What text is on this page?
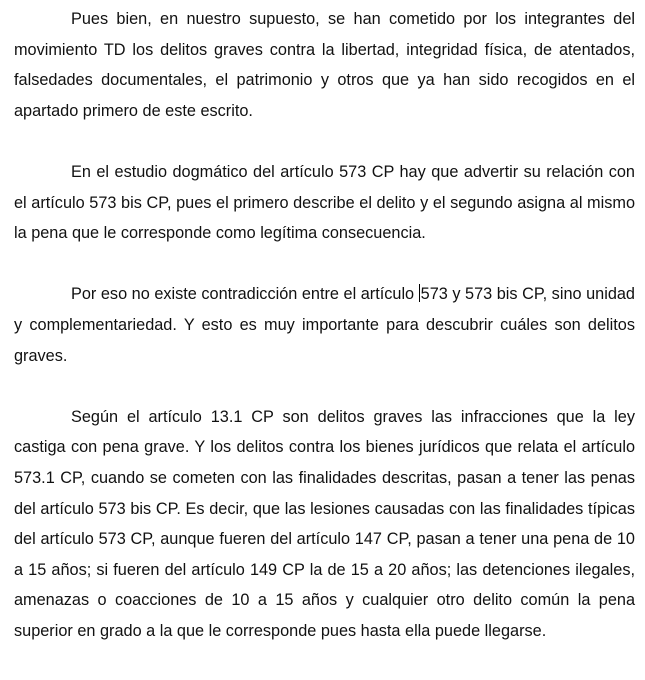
Pues bien, en nuestro supuesto, se han cometido por los integrantes del movimiento TD los delitos graves contra la libertad, integridad física, de atentados, falsedades documentales, el patrimonio y otros que ya han sido recogidos en el apartado primero de este escrito.

En el estudio dogmático del artículo 573 CP hay que advertir su relación con el artículo 573 bis CP, pues el primero describe el delito y el segundo asigna al mismo la pena que le corresponde como legítima consecuencia.

Por eso no existe contradicción entre el artículo 573 y 573 bis CP, sino unidad y complementariedad. Y esto es muy importante para descubrir cuáles son delitos graves.

Según el artículo 13.1 CP son delitos graves las infracciones que la ley castiga con pena grave. Y los delitos contra los bienes jurídicos que relata el artículo 573.1 CP, cuando se cometen con las finalidades descritas, pasan a tener las penas del artículo 573 bis CP. Es decir, que las lesiones causadas con las finalidades típicas del artículo 573 CP, aunque fueren del artículo 147 CP, pasan a tener una pena de 10 a 15 años; si fueren del artículo 149 CP la de 15 a 20 años; las detenciones ilegales, amenazas o coacciones de 10 a 15 años y cualquier otro delito común la pena superior en grado a la que le corresponde pues hasta ella puede llegarse.
